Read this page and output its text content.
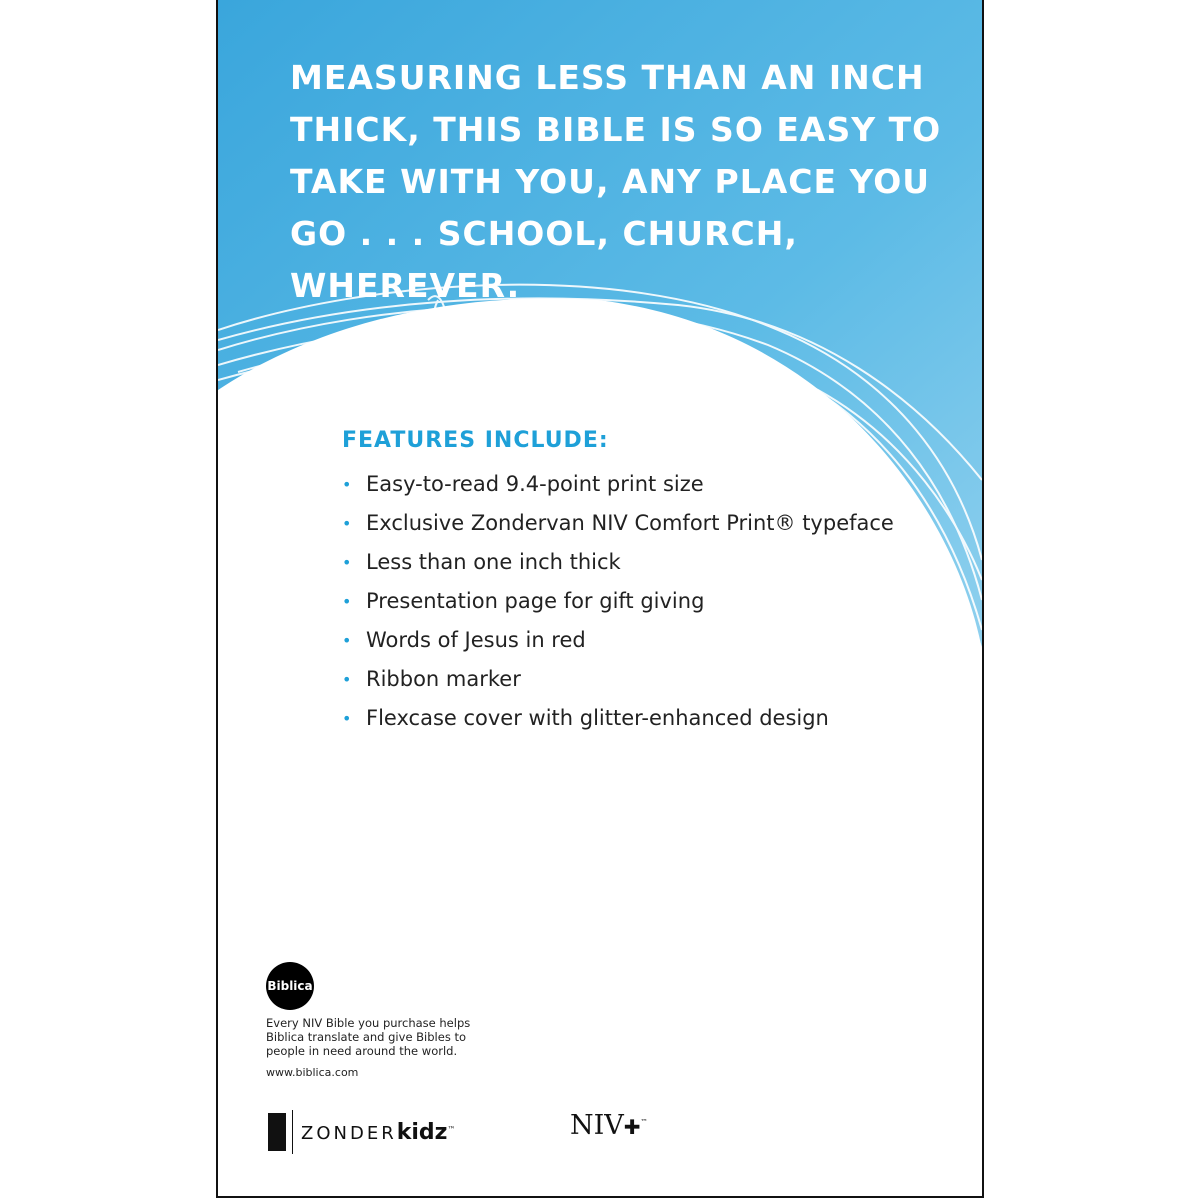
MEASURING LESS THAN AN INCH THICK, THIS BIBLE IS SO EASY TO TAKE WITH YOU, ANY PLACE YOU GO . . . SCHOOL, CHURCH, WHEREVER.
FEATURES INCLUDE:
• Easy-to-read 9.4-point print size
• Exclusive Zondervan NIV Comfort Print® typeface
• Less than one inch thick
• Presentation page for gift giving
• Words of Jesus in red
• Ribbon marker
• Flexcase cover with glitter-enhanced design
Biblica
Every NIV Bible you purchase helps Biblica translate and give Bibles to people in need around the world.
www.biblica.com
ZONDERkidz™	NIV✚™
